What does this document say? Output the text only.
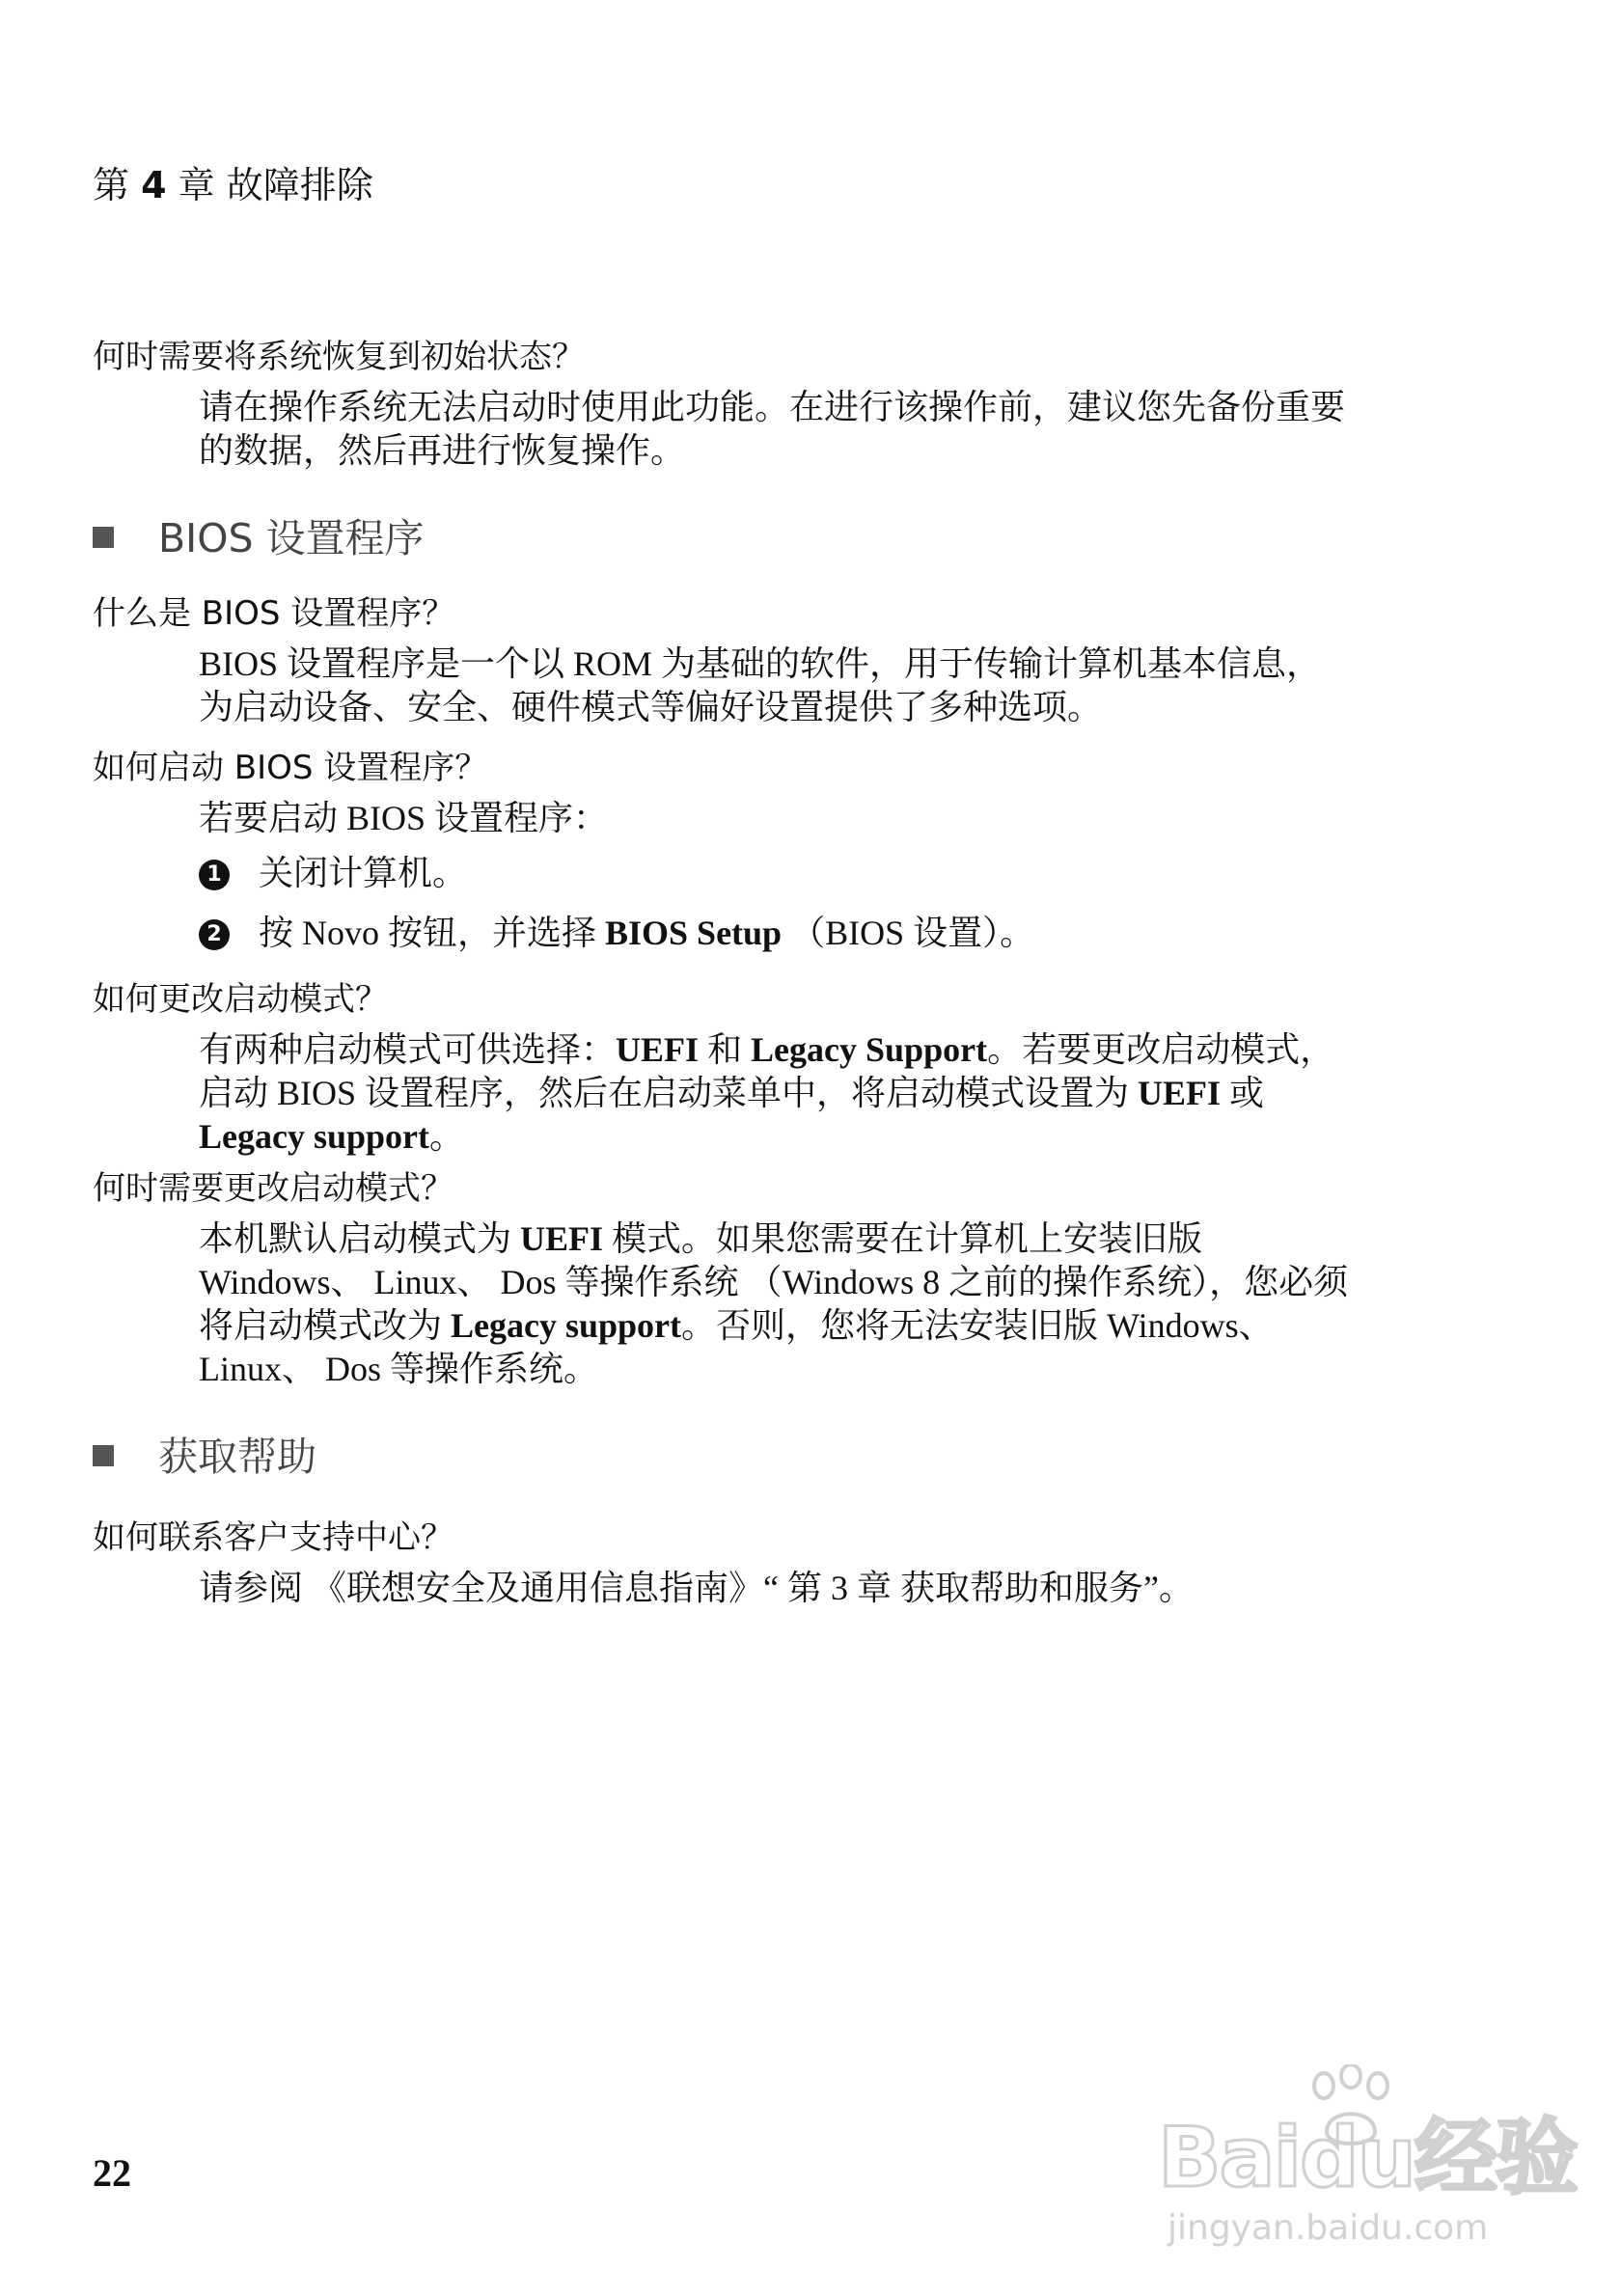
第 4 章 故障排除
何时需要将系统恢复到初始状态？
请在操作系统无法启动时使用此功能。在进行该操作前，建议您先备份重要
的数据，然后再进行恢复操作。
BIOS 设置程序
什么是 BIOS 设置程序？
BIOS 设置程序是一个以 ROM 为基础的软件，用于传输计算机基本信息，
为启动设备、安全、硬件模式等偏好设置提供了多种选项。
如何启动 BIOS 设置程序？
若要启动 BIOS 设置程序：
1 关闭计算机。
2 按 Novo 按钮，并选择 BIOS Setup （BIOS 设置）。
如何更改启动模式？
有两种启动模式可供选择：UEFI 和 Legacy Support。若要更改启动模式，
启动 BIOS 设置程序，然后在启动菜单中，将启动模式设置为 UEFI 或
Legacy support。
何时需要更改启动模式？
本机默认启动模式为 UEFI 模式。如果您需要在计算机上安装旧版
Windows、 Linux、 Dos 等操作系统 （Windows 8 之前的操作系统），您必须
将启动模式改为 Legacy support。否则，您将无法安装旧版 Windows、
Linux、 Dos 等操作系统。
获取帮助
如何联系客户支持中心？
请参阅 《联想安全及通用信息指南》“ 第 3 章 获取帮助和服务”。
22	Baidu经验
jingyan.baidu.com
